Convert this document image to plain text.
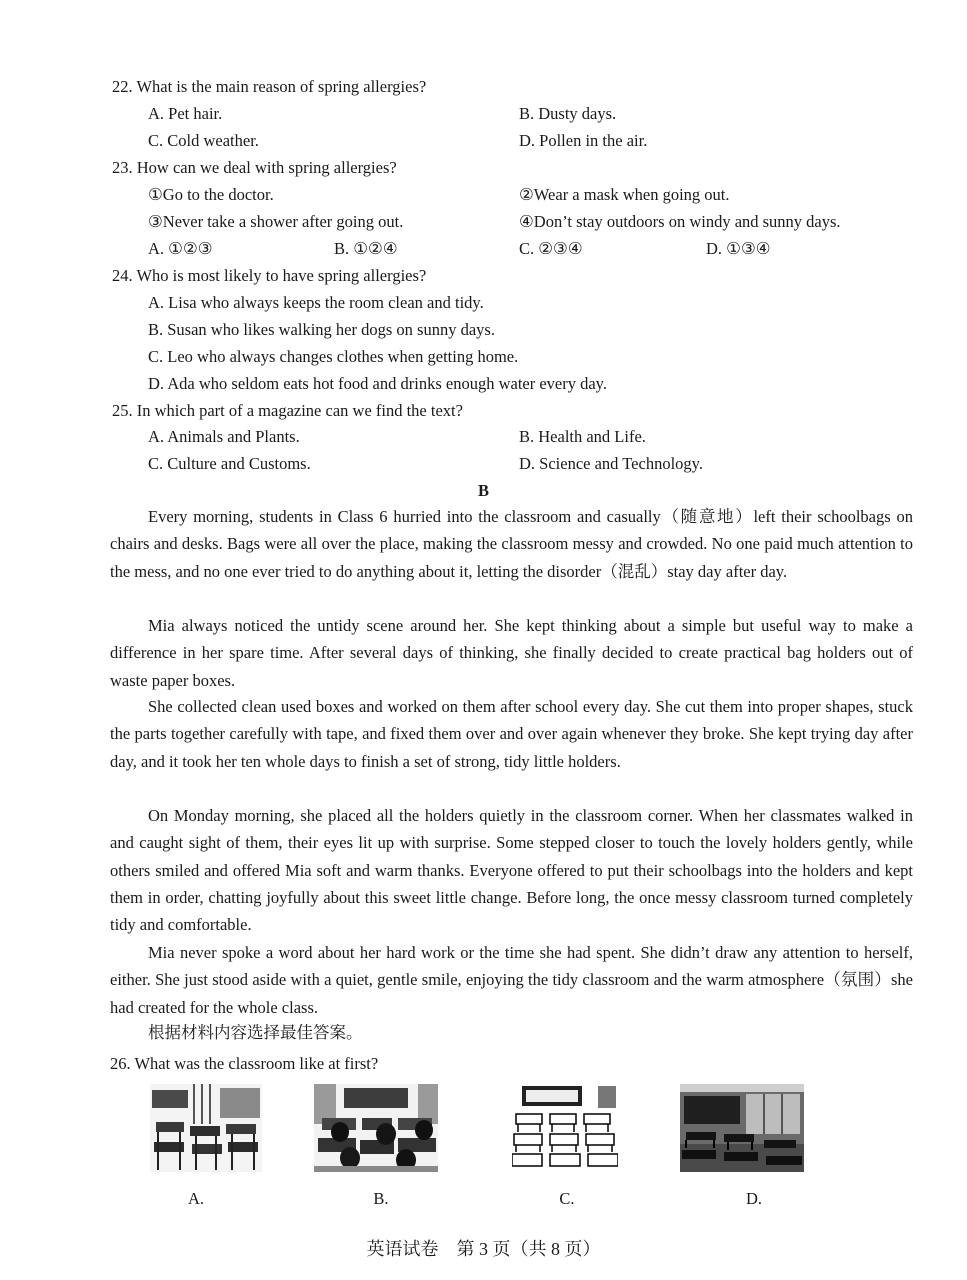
22. What is the main reason of spring allergies?
A. Pet hair.	B. Dusty days.
C. Cold weather.	D. Pollen in the air.
23. How can we deal with spring allergies?
①Go to the doctor.	②Wear a mask when going out.
③Never take a shower after going out.	④Don’t stay outdoors on windy and sunny days.
A. ①②③	B. ①②④	C. ②③④	D. ①③④
24. Who is most likely to have spring allergies?
A. Lisa who always keeps the room clean and tidy.
B. Susan who likes walking her dogs on sunny days.
C. Leo who always changes clothes when getting home.
D. Ada who seldom eats hot food and drinks enough water every day.
25. In which part of a magazine can we find the text?
A. Animals and Plants.	B. Health and Life.
C. Culture and Customs.	D. Science and Technology.
B
Every morning, students in Class 6 hurried into the classroom and casually（随意地）left their schoolbags on chairs and desks. Bags were all over the place, making the classroom messy and crowded. No one paid much attention to the mess, and no one ever tried to do anything about it, letting the disorder（混乱）stay day after day.
Mia always noticed the untidy scene around her. She kept thinking about a simple but useful way to make a difference in her spare time. After several days of thinking, she finally decided to create practical bag holders out of waste paper boxes.
She collected clean used boxes and worked on them after school every day. She cut them into proper shapes, stuck the parts together carefully with tape, and fixed them over and over again whenever they broke. She kept trying day after day, and it took her ten whole days to finish a set of strong, tidy little holders.
On Monday morning, she placed all the holders quietly in the classroom corner. When her classmates walked in and caught sight of them, their eyes lit up with surprise. Some stepped closer to touch the lovely holders gently, while others smiled and offered Mia soft and warm thanks. Everyone offered to put their schoolbags into the holders and kept them in order, chatting joyfully about this sweet little change. Before long, the once messy classroom turned completely tidy and comfortable.
Mia never spoke a word about her hard work or the time she had spent. She didn’t draw any attention to herself, either. She just stood aside with a quiet, gentle smile, enjoying the tidy classroom and the warm atmosphere（氛围）she had created for the whole class.
根据材料内容选择最佳答案。
26. What was the classroom like at first?
A.	B.	C.	D.
英语试卷　第 3 页（共 8 页）
